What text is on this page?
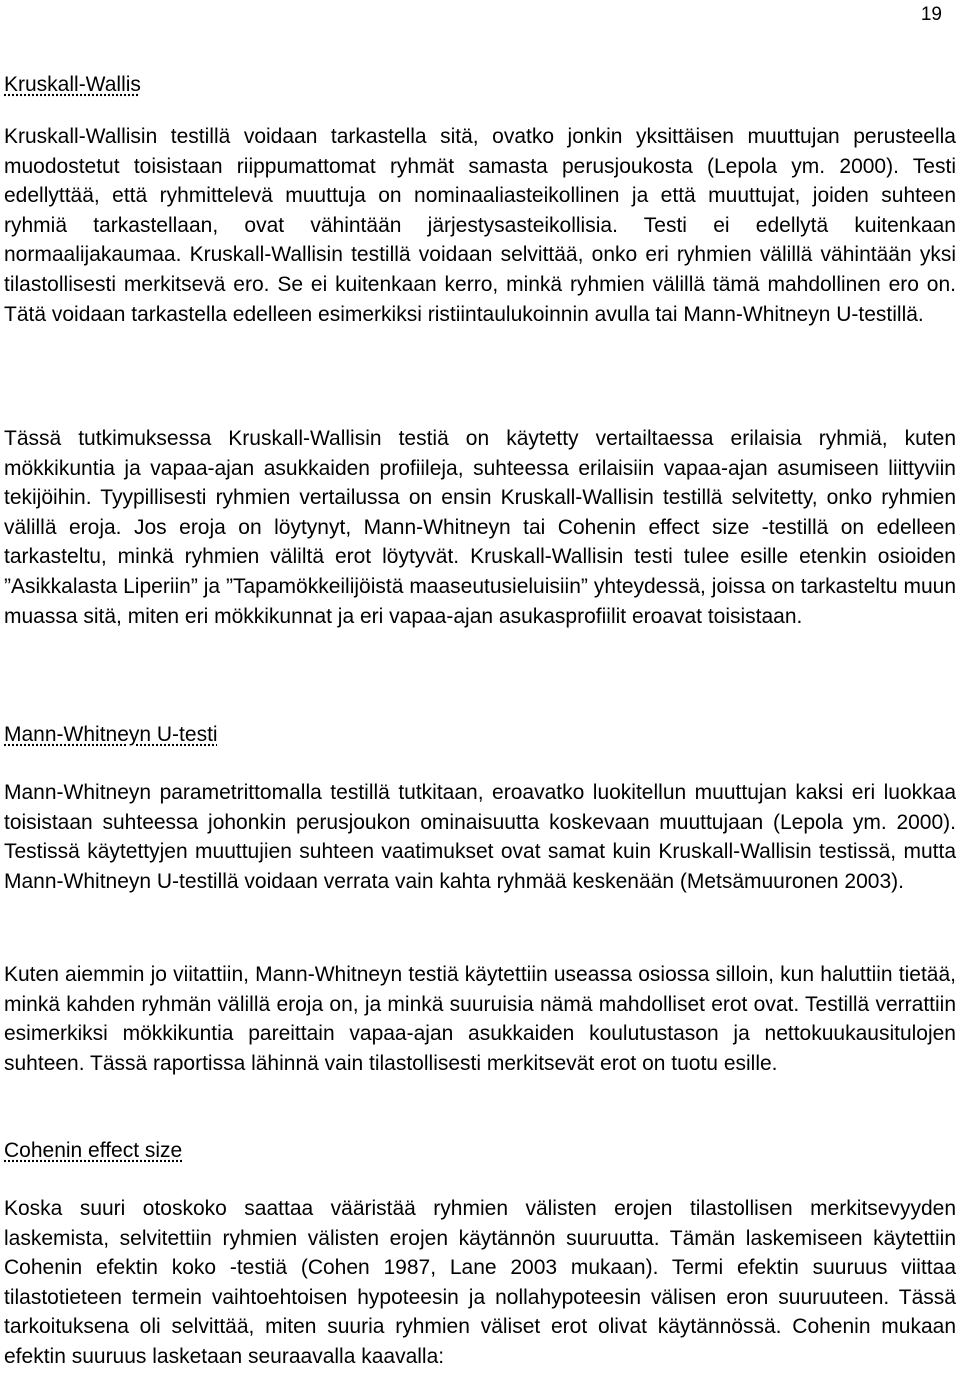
19
Kruskall-Wallis

Kruskall-Wallisin testillä voidaan tarkastella sitä, ovatko jonkin yksittäisen muuttujan perusteella muodostetut toisistaan riippumattomat ryhmät samasta perusjoukosta (Lepola ym. 2000). Testi edellyttää, että ryhmittelevä muuttuja on nominaaliasteikollinen ja että muuttujat, joiden suhteen ryhmiä tarkastellaan, ovat vähintään järjestysasteikollisia. Testi ei edellytä kuitenkaan normaalijakaumaa. Kruskall-Wallisin testillä voidaan selvittää, onko eri ryhmien välillä vähintään yksi tilastollisesti merkitsevä ero. Se ei kuitenkaan kerro, minkä ryhmien välillä tämä mahdollinen ero on. Tätä voidaan tarkastella edelleen esimerkiksi ristiintaulukoinnin avulla tai Mann-Whitneyn U-testillä.

Tässä tutkimuksessa Kruskall-Wallisin testiä on käytetty vertailtaessa erilaisia ryhmiä, kuten mökkikuntia ja vapaa-ajan asukkaiden profiileja, suhteessa erilaisiin vapaa-ajan asumiseen liittyviin tekijöihin. Tyypillisesti ryhmien vertailussa on ensin Kruskall-Wallisin testillä selvitetty, onko ryhmien välillä eroja. Jos eroja on löytynyt, Mann-Whitneyn tai Cohenin effect size -testillä on edelleen tarkasteltu, minkä ryhmien väliltä erot löytyvät. Kruskall-Wallisin testi tulee esille etenkin osioiden ”Asikkalasta Liperiin” ja ”Tapamökkeilijöistä maaseutusieluisiin” yhteydessä, joissa on tarkasteltu muun muassa sitä, miten eri mökkikunnat ja eri vapaa-ajan asukasprofiilit eroavat toisistaan.

Mann-Whitneyn U-testi

Mann-Whitneyn parametrittomalla testillä tutkitaan, eroavatko luokitellun muuttujan kaksi eri luokkaa toisistaan suhteessa johonkin perusjoukon ominaisuutta koskevaan muuttujaan (Lepola ym. 2000). Testissä käytettyjen muuttujien suhteen vaatimukset ovat samat kuin Kruskall-Wallisin testissä, mutta Mann-Whitneyn U-testillä voidaan verrata vain kahta ryhmää keskenään (Metsämuuronen 2003).

Kuten aiemmin jo viitattiin, Mann-Whitneyn testiä käytettiin useassa osiossa silloin, kun haluttiin tietää, minkä kahden ryhmän välillä eroja on, ja minkä suuruisia nämä mahdolliset erot ovat. Testillä verrattiin esimerkiksi mökkikuntia pareittain vapaa-ajan asukkaiden koulutustason ja nettokuukausitulojen suhteen. Tässä raportissa lähinnä vain tilastollisesti merkitsevät erot on tuotu esille.

Cohenin effect size

Koska suuri otoskoko saattaa vääristää ryhmien välisten erojen tilastollisen merkitsevyyden laskemista, selvitettiin ryhmien välisten erojen käytännön suuruutta. Tämän laskemiseen käytettiin Cohenin efektin koko -testiä (Cohen 1987, Lane 2003 mukaan). Termi efektin suuruus viittaa tilastotieteen termein vaihtoehtoisen hypoteesin ja nollahypoteesin välisen eron suuruuteen. Tässä tarkoituksena oli selvittää, miten suuria ryhmien väliset erot olivat käytännössä. Cohenin mukaan efektin suuruus lasketaan seuraavalla kaavalla:
